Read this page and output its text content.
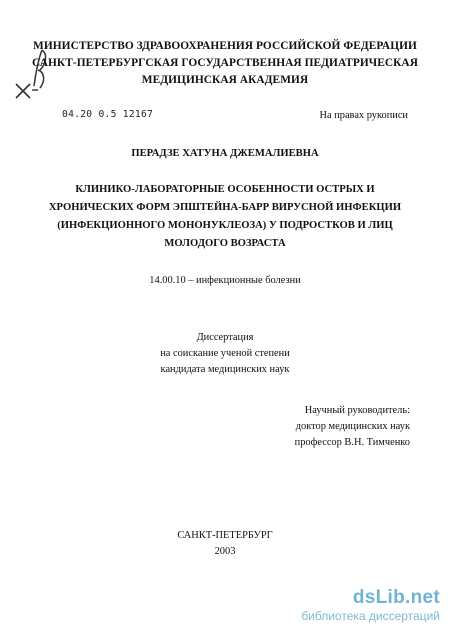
МИНИСТЕРСТВО ЗДРАВООХРАНЕНИЯ РОССИЙСКОЙ ФЕДЕРАЦИИ
САНКТ-ПЕТЕРБУРГСКАЯ ГОСУДАРСТВЕННАЯ ПЕДИАТРИЧЕСКАЯ
МЕДИЦИНСКАЯ АКАДЕМИЯ
04.20 0.5 12167	На правах рукописи
ПЕРАДЗЕ ХАТУНА ДЖЕМАЛИЕВНА
КЛИНИКО-ЛАБОРАТОРНЫЕ ОСОБЕННОСТИ ОСТРЫХ И
ХРОНИЧЕСКИХ ФОРМ ЭПШТЕЙНА-БАРР ВИРУСНОЙ ИНФЕКЦИИ
(ИНФЕКЦИОННОГО МОНОНУКЛЕОЗА) У ПОДРОСТКОВ И ЛИЦ
МОЛОДОГО ВОЗРАСТА
14.00.10 – инфекционные болезни
Диссертация
на соискание ученой степени
кандидата медицинских наук
Научный руководитель:
доктор медицинских наук
профессор В.Н. Тимченко
САНКТ-ПЕТЕРБУРГ
2003
dsLib.net
библиотека диссертаций
